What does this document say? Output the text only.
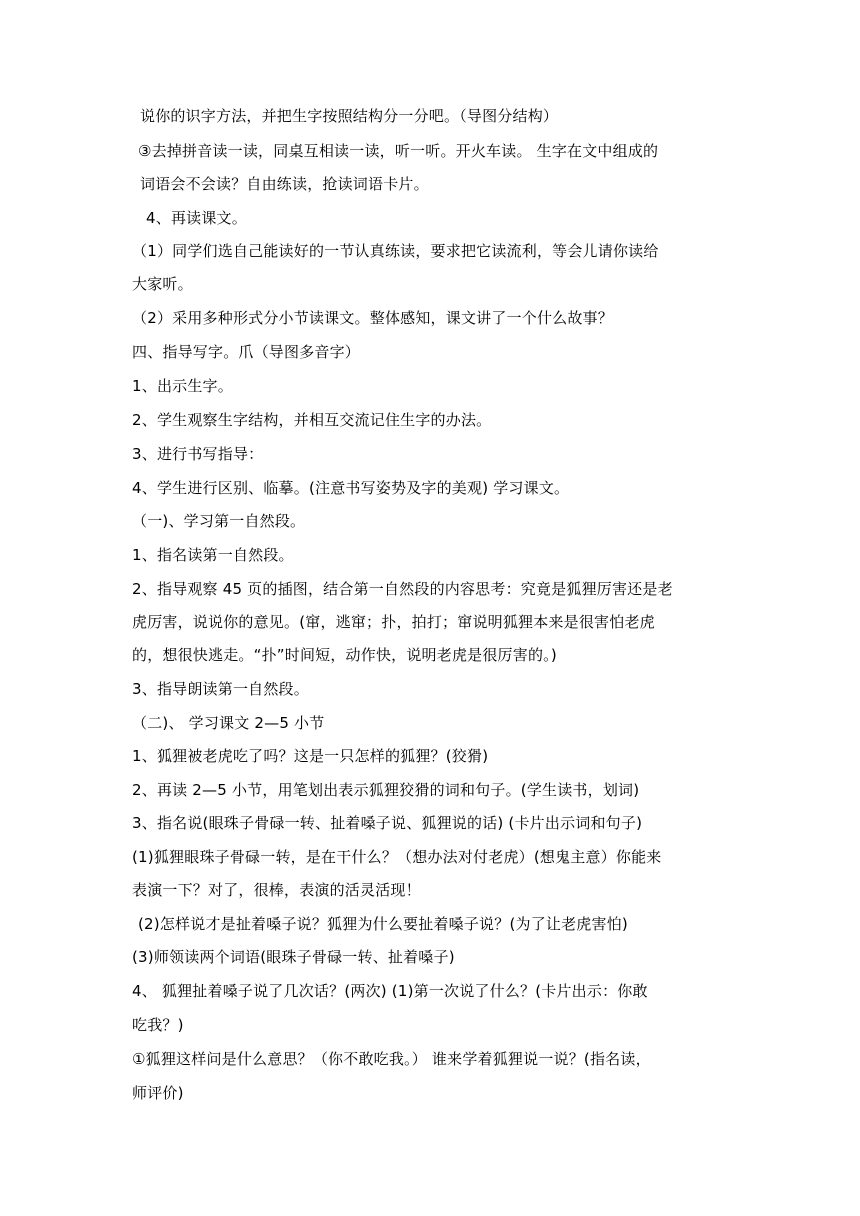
说你的识字方法，并把生字按照结构分一分吧。（导图分结构）
③去掉拼音读一读，同桌互相读一读，听一听。开火车读。 生字在文中组成的
词语会不会读？自由练读，抢读词语卡片。
4、再读课文。
（1）同学们选自己能读好的一节认真练读，要求把它读流利，等会儿请你读给
大家听。
（2）采用多种形式分小节读课文。整体感知，课文讲了一个什么故事？
四、指导写字。爪（导图多音字）
1、出示生字。
2、学生观察生字结构，并相互交流记住生字的办法。
3、进行书写指导：
4、学生进行区别、临摹。(注意书写姿势及字的美观) 学习课文。
（一)、学习第一自然段。
1、指名读第一自然段。
2、指导观察 45 页的插图，结合第一自然段的内容思考：究竟是狐狸厉害还是老
虎厉害，说说你的意见。(窜，逃窜；扑，拍打；窜说明狐狸本来是很害怕老虎
的，想很快逃走。“扑”时间短，动作快，说明老虎是很厉害的。)
3、指导朗读第一自然段。
（二)、 学习课文 2—5 小节
1、狐狸被老虎吃了吗？这是一只怎样的狐狸？(狡猾)
2、再读 2—5 小节，用笔划出表示狐狸狡猾的词和句子。(学生读书，划词)
3、指名说(眼珠子骨碌一转、扯着嗓子说、狐狸说的话) (卡片出示词和句子)
(1)狐狸眼珠子骨碌一转，是在干什么？（想办法对付老虎）(想鬼主意）你能来
表演一下？对了，很棒，表演的活灵活现！
(2)怎样说才是扯着嗓子说？狐狸为什么要扯着嗓子说？(为了让老虎害怕)
(3)师领读两个词语(眼珠子骨碌一转、扯着嗓子)
4、 狐狸扯着嗓子说了几次话？(两次) (1)第一次说了什么？(卡片出示：你敢
吃我？)
①狐狸这样问是什么意思？（你不敢吃我。） 谁来学着狐狸说一说？(指名读，
师评价)
